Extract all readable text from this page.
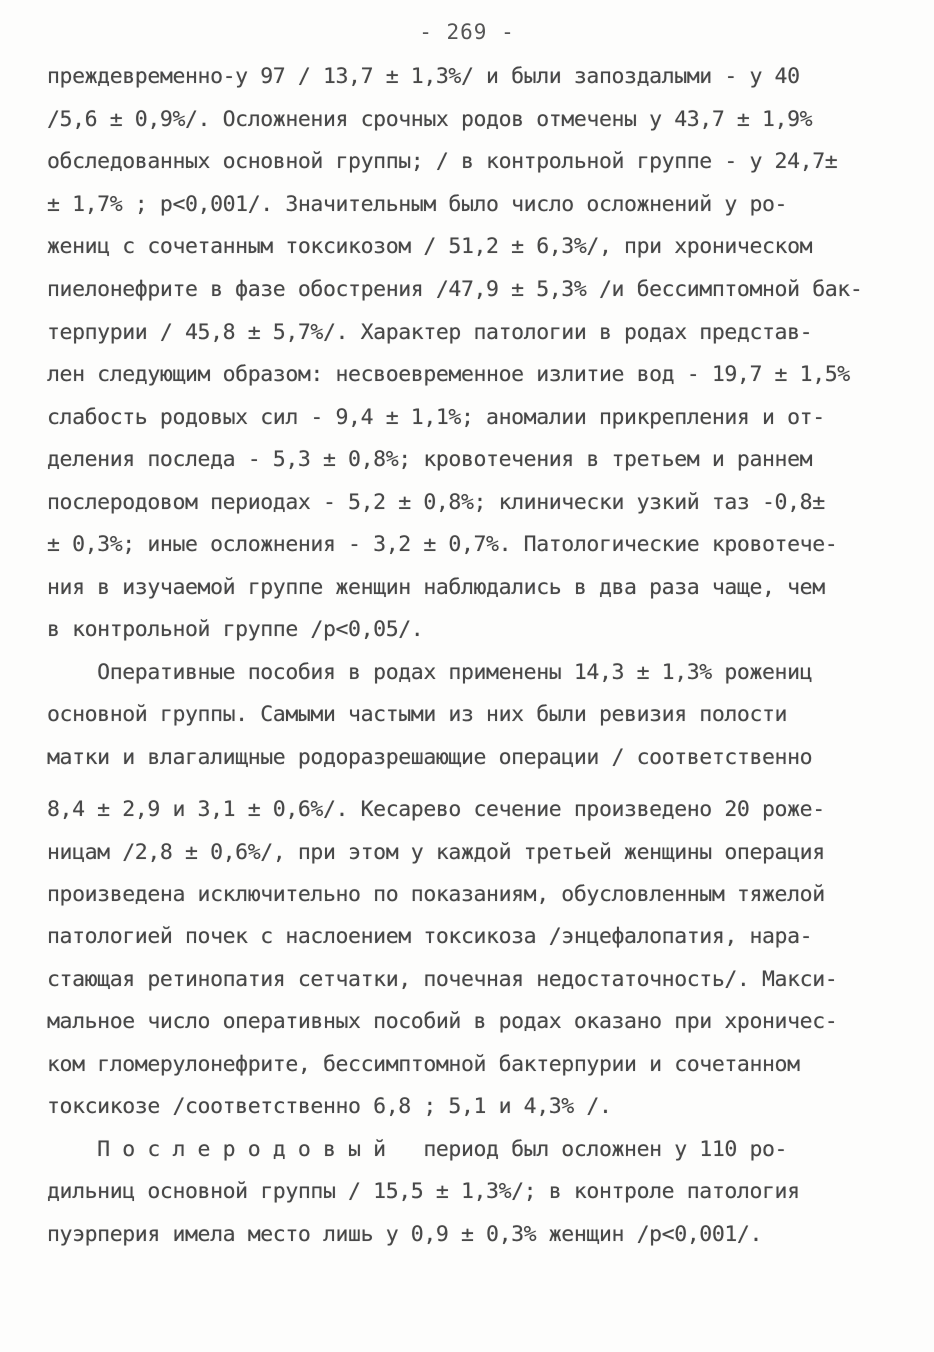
- 269 -
преждевременно-у 97 / 13,7 ± 1,3%/ и были запоздалыми - у 40
/5,6 ± 0,9%/. Осложнения срочных родов отмечены у 43,7 ± 1,9%
обследованных основной группы; / в контрольной группе - у 24,7±
± 1,7% ; p<0,001/. Значительным было число осложнений у ро-
жениц с сочетанным токсикозом / 51,2 ± 6,3%/, при хроническом
пиелонефрите в фазе обострения /47,9 ± 5,3% /и бессимптомной бак-
терпурии / 45,8 ± 5,7%/. Характер патологии в родах представ-
лен следующим образом: несвоевременное излитие вод - 19,7 ± 1,5%
слабость родовых сил - 9,4 ± 1,1%; аномалии прикрепления и от-
деления последа - 5,3 ± 0,8%; кровотечения в третьем и раннем
послеродовом периодах - 5,2 ± 0,8%; клинически узкий таз -0,8±
± 0,3%; иные осложнения - 3,2 ± 0,7%. Патологические кровотече-
ния в изучаемой группе женщин наблюдались в два раза чаще, чем
в контрольной группе /p<0,05/.
Оперативные пособия в родах применены 14,3 ± 1,3% рожениц
основной группы. Самыми частыми из них были ревизия полости
матки и влагалищные родоразрешающие операции / соответственно
8,4 ± 2,9 и 3,1 ± 0,6%/. Кесарево сечение произведено 20 роже-
ницам /2,8 ± 0,6%/, при этом у каждой третьей женщины операция
произведена исключительно по показаниям, обусловленным тяжелой
патологией почек с наслоением токсикоза /энцефалопатия, нара-
стающая ретинопатия сетчатки, почечная недостаточность/. Макси-
мальное число оперативных пособий в родах оказано при хроничес-
ком гломерулонефрите, бессимптомной бактерпурии и сочетанном
токсикозе /соответственно 6,8 ; 5,1 и 4,3% /.
П о с л е р о д о в ы й   период был осложнен у 110 ро-
дильниц основной группы / 15,5 ± 1,3%/; в контроле патология
пуэрперия имела место лишь у 0,9 ± 0,3% женщин /p<0,001/.
